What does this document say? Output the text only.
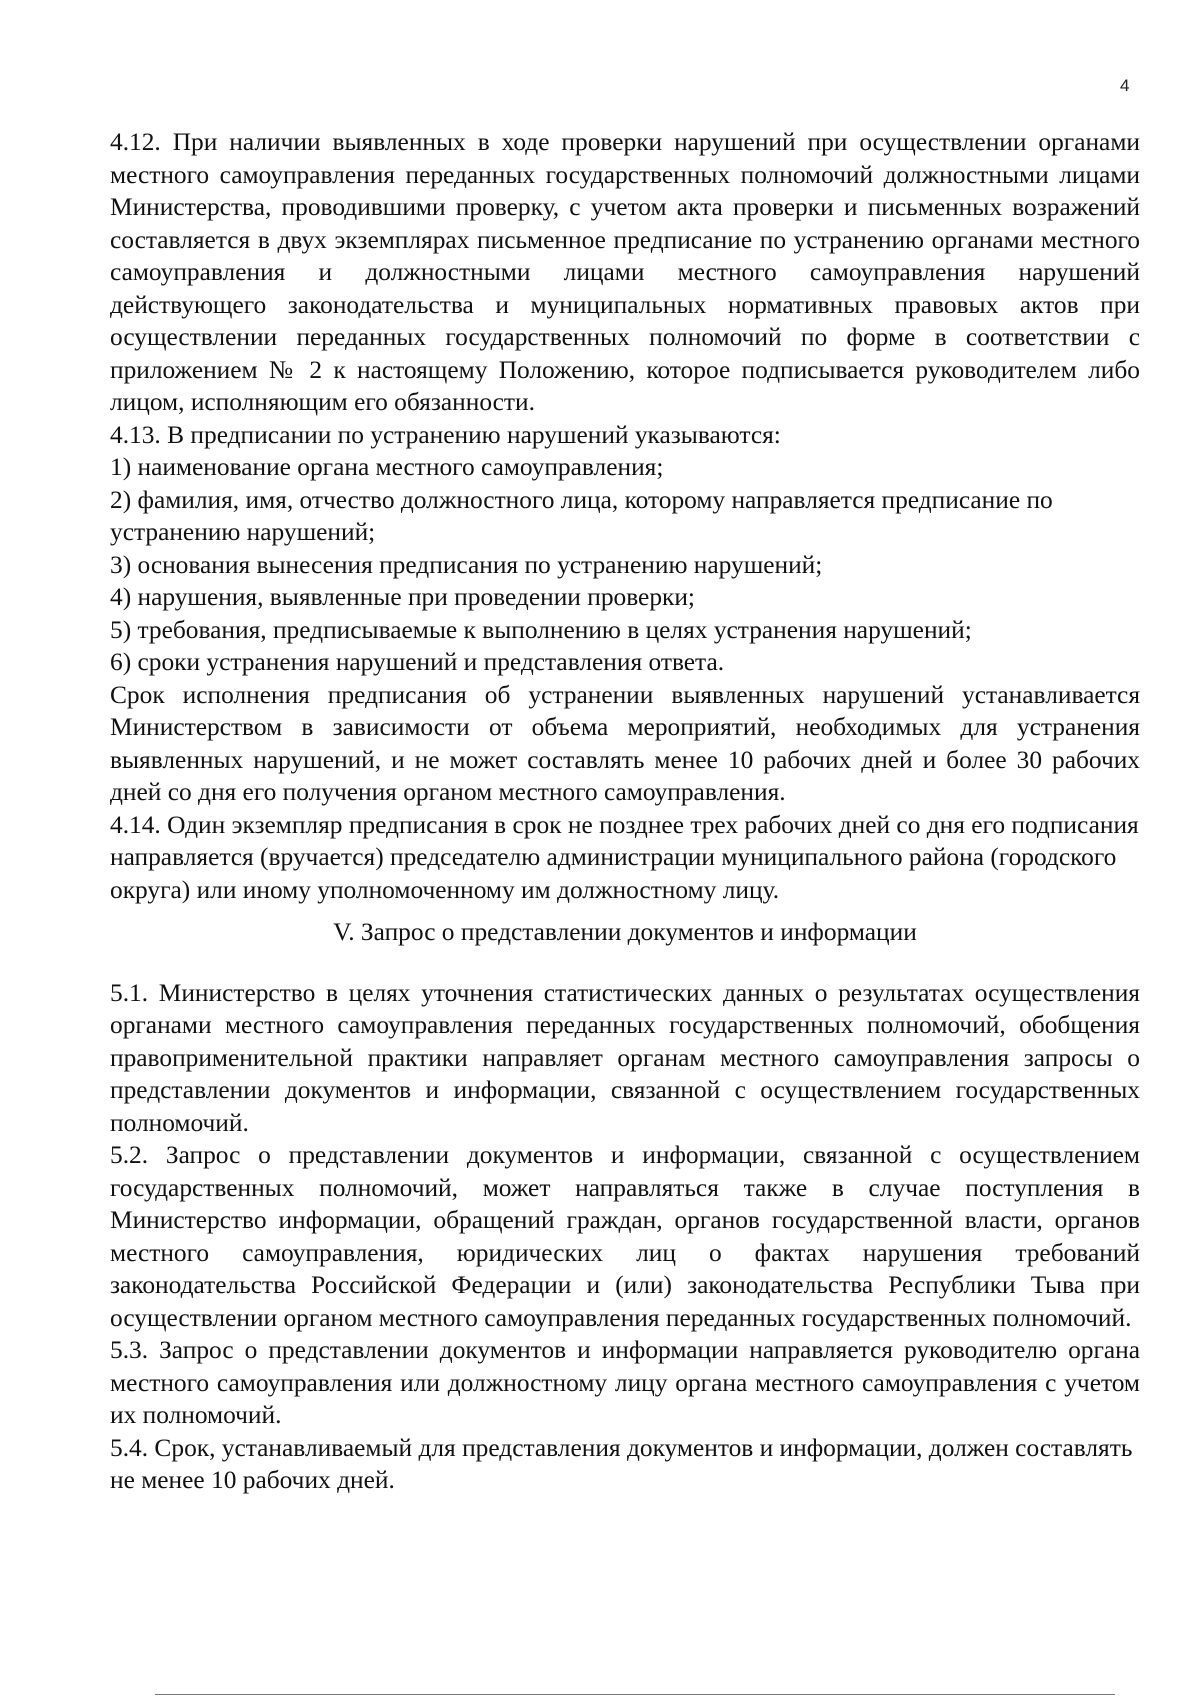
4

4.12. При наличии выявленных в ходе проверки нарушений при осуществлении органами местного самоуправления переданных государственных полномочий должностными лицами Министерства, проводившими проверку, с учетом акта проверки и письменных возражений составляется в двух экземплярах письменное предписание по устранению органами местного самоуправления и должностными лицами местного самоуправления нарушений действующего законодательства и муниципальных нормативных правовых актов при осуществлении переданных государственных полномочий по форме в соответствии с приложением № 2 к настоящему Положению, которое подписывается руководителем либо лицом, исполняющим его обязанности.

4.13. В предписании по устранению нарушений указываются:

1) наименование органа местного самоуправления;

2) фамилия, имя, отчество должностного лица, которому направляется предписание по устранению нарушений;

3) основания вынесения предписания по устранению нарушений;

4) нарушения, выявленные при проведении проверки;

5) требования, предписываемые к выполнению в целях устранения нарушений;

6) сроки устранения нарушений и представления ответа.

Срок исполнения предписания об устранении выявленных нарушений устанавливается Министерством в зависимости от объема мероприятий, необходимых для устранения выявленных нарушений, и не может составлять менее 10 рабочих дней и более 30 рабочих дней со дня его получения органом местного самоуправления.

4.14. Один экземпляр предписания в срок не позднее трех рабочих дней со дня его подписания направляется (вручается) председателю администрации муниципального района (городского округа) или иному уполномоченному им должностному лицу.

V. Запрос о представлении документов и информации

5.1. Министерство в целях уточнения статистических данных о результатах осуществления органами местного самоуправления переданных государственных полномочий, обобщения правоприменительной практики направляет органам местного самоуправления запросы о представлении документов и информации, связанной с осуществлением государственных полномочий.

5.2. Запрос о представлении документов и информации, связанной с осуществлением государственных полномочий, может направляться также в случае поступления в Министерство информации, обращений граждан, органов государственной власти, органов местного самоуправления, юридических лиц о фактах нарушения требований законодательства Российской Федерации и (или) законодательства Республики Тыва при осуществлении органом местного самоуправления переданных государственных полномочий.

5.3. Запрос о представлении документов и информации направляется руководителю органа местного самоуправления или должностному лицу органа местного самоуправления с учетом их полномочий.

5.4. Срок, устанавливаемый для представления документов и информации, должен составлять не менее 10 рабочих дней.
